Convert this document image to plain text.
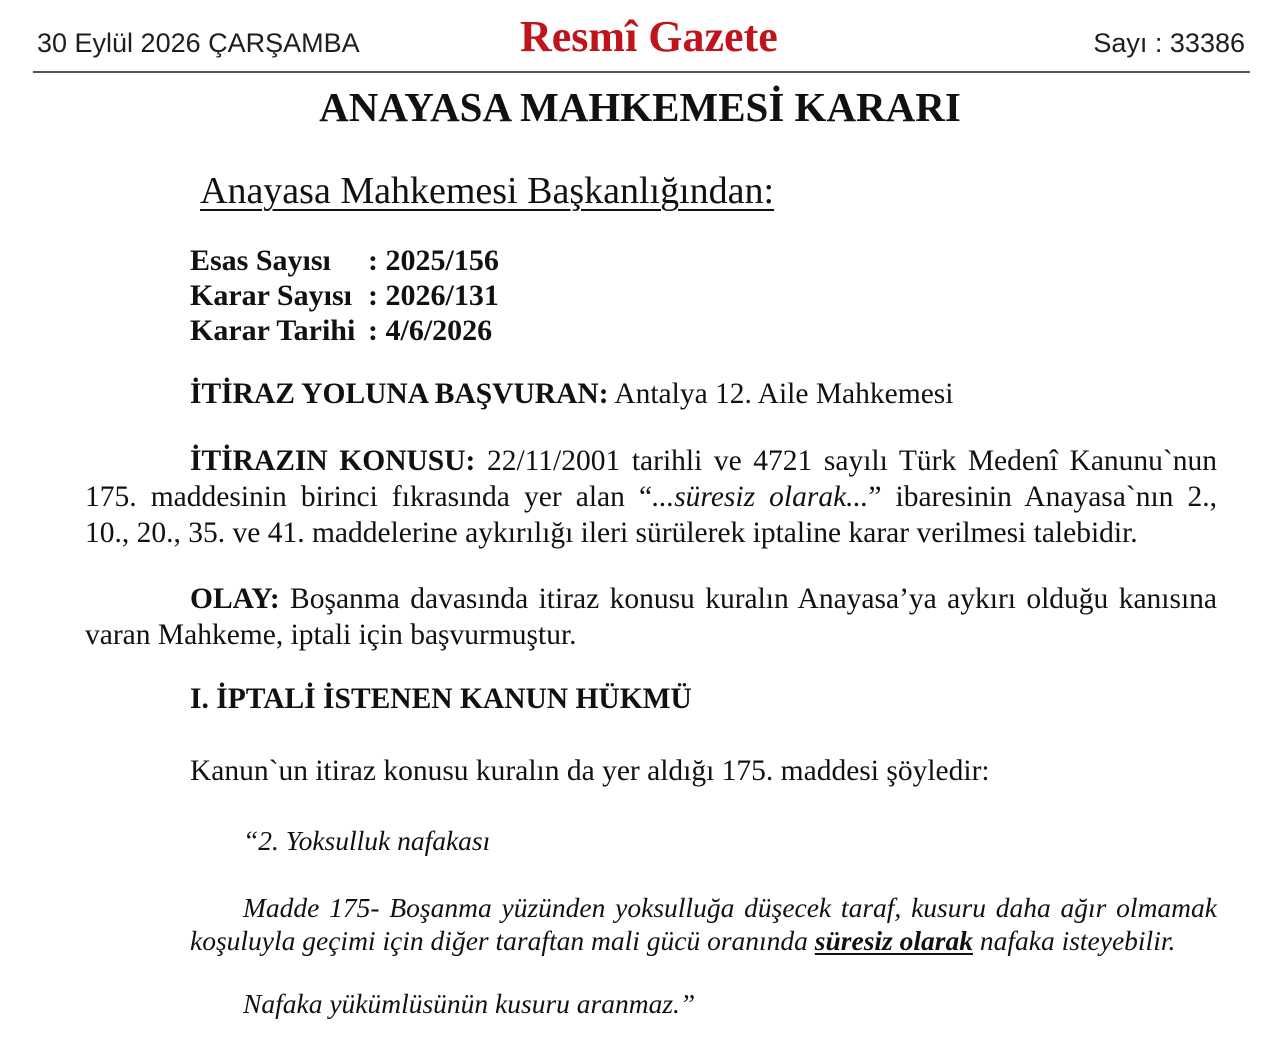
30 Eylül 2026 ÇARŞAMBA	Resmî Gazete	Sayı : 33386
ANAYASA MAHKEMESİ KARARI
Anayasa Mahkemesi Başkanlığından:
Esas Sayısı : 2025/156
Karar Sayısı : 2026/131
Karar Tarihi : 4/6/2026
İTİRAZ YOLUNA BAŞVURAN: Antalya 12. Aile Mahkemesi
İTİRAZIN KONUSU: 22/11/2001 tarihli ve 4721 sayılı Türk Medenî Kanunu`nun
175. maddesinin birinci fıkrasında yer alan “...süresiz olarak...” ibaresinin Anayasa`nın 2.,
10., 20., 35. ve 41. maddelerine aykırılığı ileri sürülerek iptaline karar verilmesi talebidir.
OLAY: Boşanma davasında itiraz konusu kuralın Anayasa’ya aykırı olduğu kanısına
varan Mahkeme, iptali için başvurmuştur.
I. İPTALİ İSTENEN KANUN HÜKMÜ
Kanun`un itiraz konusu kuralın da yer aldığı 175. maddesi şöyledir:
“2. Yoksulluk nafakası
Madde 175- Boşanma yüzünden yoksulluğa düşecek taraf, kusuru daha ağır olmamak
koşuluyla geçimi için diğer taraftan mali gücü oranında süresiz olarak nafaka isteyebilir.
Nafaka yükümlüsünün kusuru aranmaz.”
